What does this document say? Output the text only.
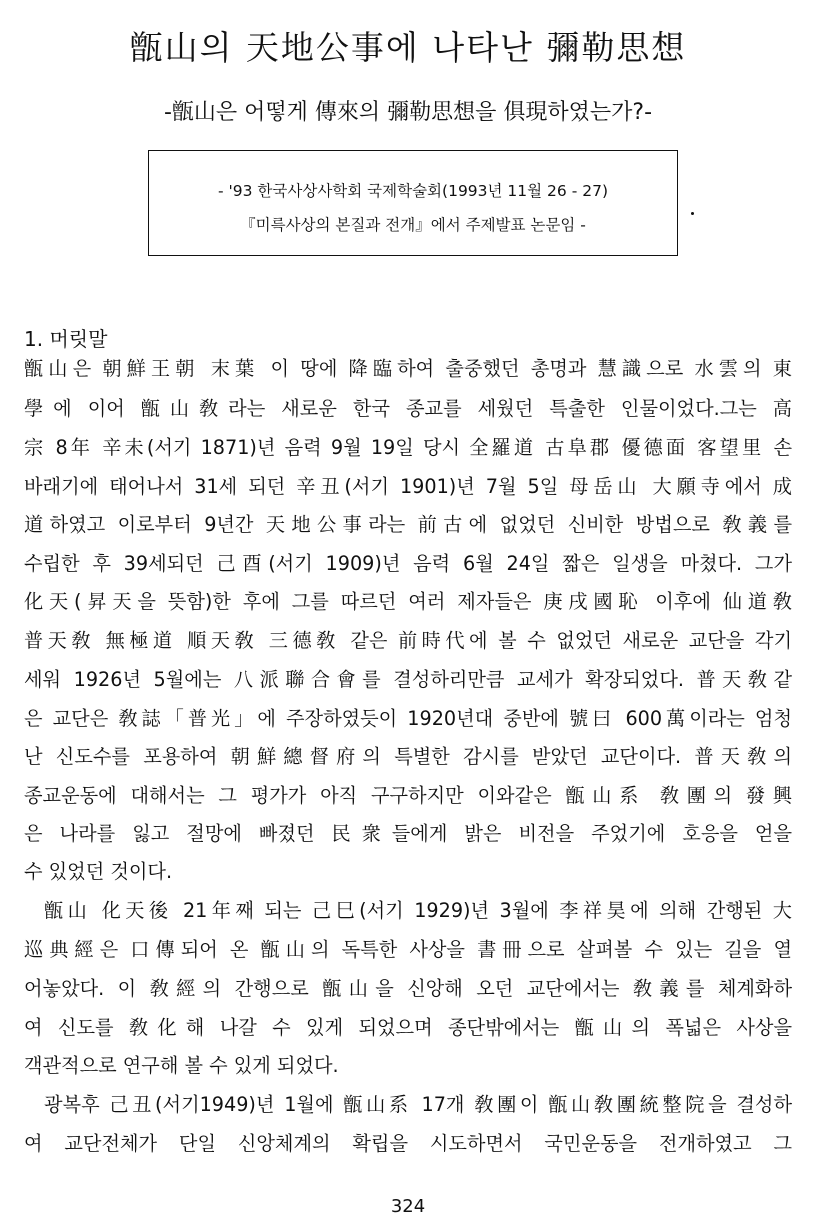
甑山의 天地公事에 나타난 彌勒思想
-甑山은 어떻게 傳來의 彌勒思想을 俱現하였는가?-
- '93 한국사상사학회 국제학술회(1993년 11월 26 - 27)
『미륵사상의 본질과 전개』에서 주제발표 논문임 -
1. 머릿말
甑山은 朝鮮王朝 末葉 이 땅에 降臨하여 출중했던 총명과 慧識으로 水雲의 東
學에 이어 甑山敎라는 새로운 한국 종교를 세웠던 특출한 인물이었다.그는 高
宗 8年 辛未(서기 1871)년 음력 9월 19일 당시 全羅道 古阜郡 優德面 客望里 손
바래기에 태어나서 31세 되던 辛丑(서기 1901)년 7월 5일 母岳山 大願寺에서 成
道하였고 이로부터 9년간 天地公事라는 前古에 없었던 신비한 방법으로 敎義를
수립한 후 39세되던 己酉(서기 1909)년 음력 6월 24일 짧은 일생을 마쳤다. 그가
化天(昇天을 뜻함)한 후에 그를 따르던 여러 제자들은 庚戌國恥 이후에 仙道敎
普天敎 無極道 順天敎 三德敎 같은 前時代에 볼 수 없었던 새로운 교단을 각기
세워 1926년 5월에는 八派聯合會를 결성하리만큼 교세가 확장되었다. 普天敎같
은 교단은 敎誌「普光」에 주장하였듯이 1920년대 중반에 號曰 600萬이라는 엄청
난 신도수를 포용하여 朝鮮總督府의 특별한 감시를 받았던 교단이다. 普天敎의
종교운동에 대해서는 그 평가가 아직 구구하지만 이와같은 甑山系 敎團의 發興
은 나라를 잃고 절망에 빠졌던 民衆들에게 밝은 비전을 주었기에 호응을 얻을
수 있었던 것이다.
甑山 化天後 21年째 되는 己巳(서기 1929)년 3월에 李祥昊에 의해 간행된 大
巡典經은 口傳되어 온 甑山의 독특한 사상을 書冊으로 살펴볼 수 있는 길을 열
어놓았다. 이 敎經의 간행으로 甑山을 신앙해 오던 교단에서는 敎義를 체계화하
여 신도를 敎化해 나갈 수 있게 되었으며 종단밖에서는 甑山의 폭넓은 사상을
객관적으로 연구해 볼 수 있게 되었다.
광복후 己丑(서기1949)년 1월에 甑山系 17개 敎團이 甑山敎團統整院을 결성하
여 교단전체가 단일 신앙체계의 확립을 시도하면서 국민운동을 전개하였고 그
324
